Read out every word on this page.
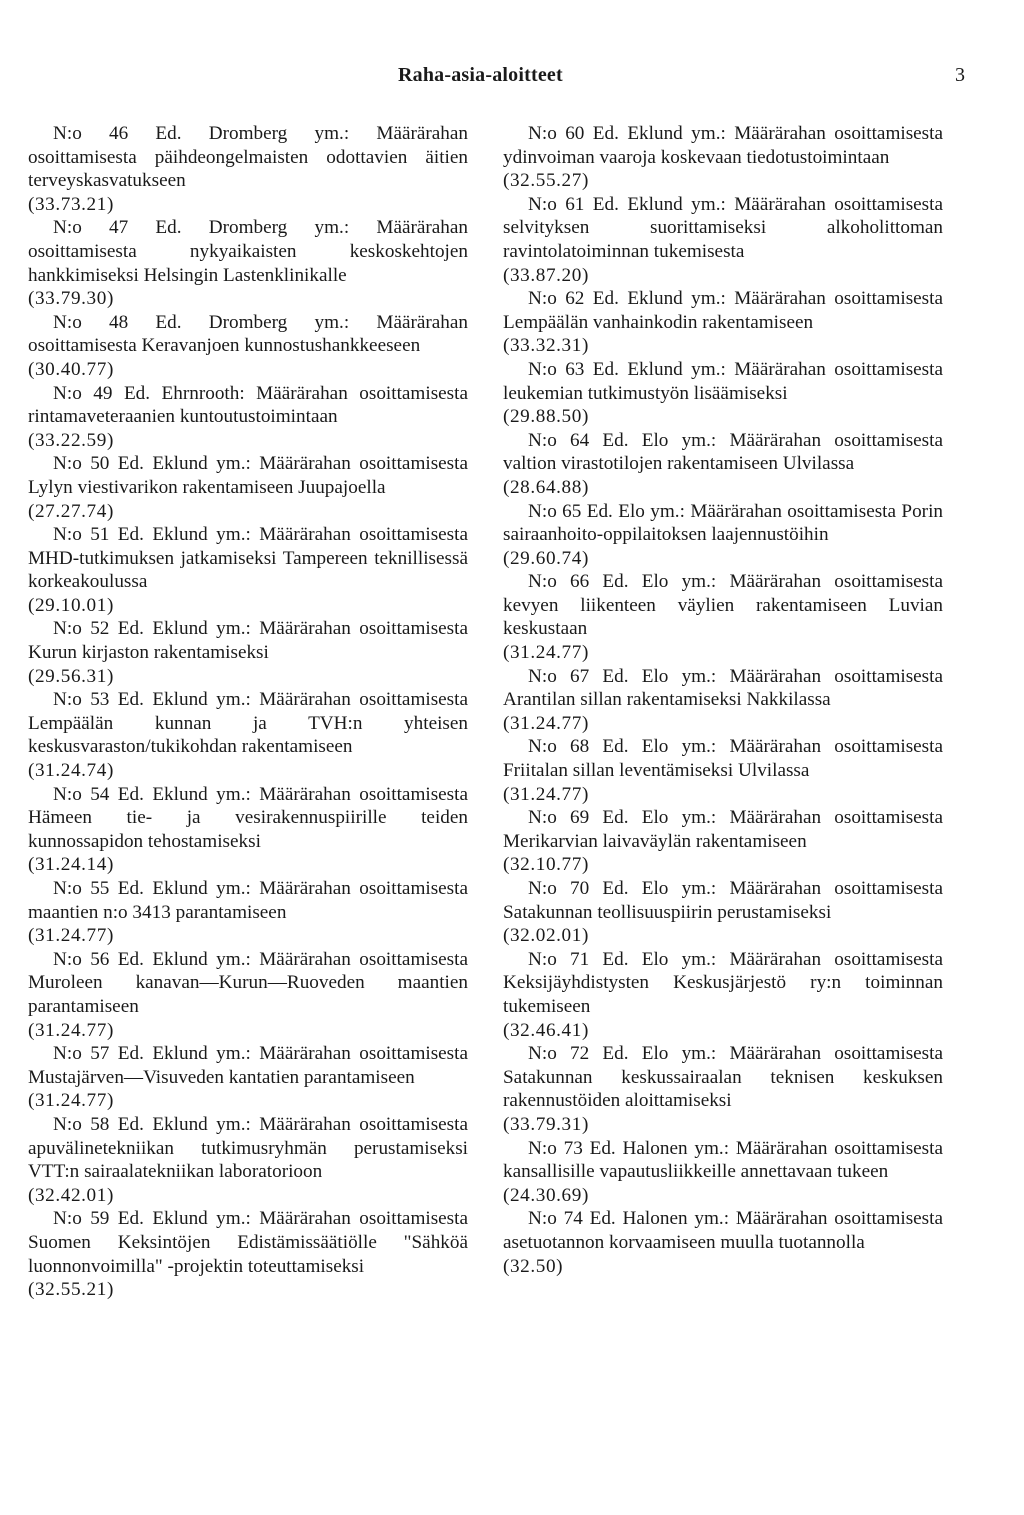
Raha-asia-aloitteet	3
N:o 46 Ed. Dromberg ym.: Määrärahan osoittamisesta päihdeongelmaisten odottavien äitien terveyskasvatukseen
(33.73.21)
N:o 47 Ed. Dromberg ym.: Määrärahan osoittamisesta nykyaikaisten keskoskehtojen hankkimiseksi Helsingin Lastenklinikalle
(33.79.30)
N:o 48 Ed. Dromberg ym.: Määrärahan osoittamisesta Keravanjoen kunnostushankkeeseen
(30.40.77)
N:o 49 Ed. Ehrnrooth: Määrärahan osoittamisesta rintamaveteraanien kuntoutustoimintaan
(33.22.59)
N:o 50 Ed. Eklund ym.: Määrärahan osoittamisesta Lylyn viestivarikon rakentamiseen Juupajoella
(27.27.74)
N:o 51 Ed. Eklund ym.: Määrärahan osoittamisesta MHD-tutkimuksen jatkamiseksi Tampereen teknillisessä korkeakoulussa
(29.10.01)
N:o 52 Ed. Eklund ym.: Määrärahan osoittamisesta Kurun kirjaston rakentamiseksi
(29.56.31)
N:o 53 Ed. Eklund ym.: Määrärahan osoittamisesta Lempäälän kunnan ja TVH:n yhteisen keskusvaraston/tukikohdan rakentamiseen
(31.24.74)
N:o 54 Ed. Eklund ym.: Määrärahan osoittamisesta Hämeen tie- ja vesirakennuspiirille teiden kunnossapidon tehostamiseksi
(31.24.14)
N:o 55 Ed. Eklund ym.: Määrärahan osoittamisesta maantien n:o 3413 parantamiseen
(31.24.77)
N:o 56 Ed. Eklund ym.: Määrärahan osoittamisesta Muroleen kanavan—Kurun—Ruoveden maantien parantamiseen
(31.24.77)
N:o 57 Ed. Eklund ym.: Määrärahan osoittamisesta Mustajärven—Visuveden kantatien parantamiseen
(31.24.77)
N:o 58 Ed. Eklund ym.: Määrärahan osoittamisesta apuvälinetekniikan tutkimusryhmän perustamiseksi VTT:n sairaalatekniikan laboratorioon
(32.42.01)
N:o 59 Ed. Eklund ym.: Määrärahan osoittamisesta Suomen Keksintöjen Edistämissäätiölle "Sähköä luonnonvoimilla" -projektin toteuttamiseksi
(32.55.21)
N:o 60 Ed. Eklund ym.: Määrärahan osoittamisesta ydinvoiman vaaroja koskevaan tiedotustoimintaan
(32.55.27)
N:o 61 Ed. Eklund ym.: Määrärahan osoittamisesta selvityksen suorittamiseksi alkoholittoman ravintolatoiminnan tukemisesta
(33.87.20)
N:o 62 Ed. Eklund ym.: Määrärahan osoittamisesta Lempäälän vanhainkodin rakentamiseen
(33.32.31)
N:o 63 Ed. Eklund ym.: Määrärahan osoittamisesta leukemian tutkimustyön lisäämiseksi
(29.88.50)
N:o 64 Ed. Elo ym.: Määrärahan osoittamisesta valtion virastotilojen rakentamiseen Ulvilassa
(28.64.88)
N:o 65 Ed. Elo ym.: Määrärahan osoittamisesta Porin sairaanhoito-oppilaitoksen laajennustöihin
(29.60.74)
N:o 66 Ed. Elo ym.: Määrärahan osoittamisesta kevyen liikenteen väylien rakentamiseen Luvian keskustaan
(31.24.77)
N:o 67 Ed. Elo ym.: Määrärahan osoittamisesta Arantilan sillan rakentamiseksi Nakkilassa
(31.24.77)
N:o 68 Ed. Elo ym.: Määrärahan osoittamisesta Friitalan sillan leventämiseksi Ulvilassa
(31.24.77)
N:o 69 Ed. Elo ym.: Määrärahan osoittamisesta Merikarvian laivaväylän rakentamiseen
(32.10.77)
N:o 70 Ed. Elo ym.: Määrärahan osoittamisesta Satakunnan teollisuuspiirin perustamiseksi
(32.02.01)
N:o 71 Ed. Elo ym.: Määrärahan osoittamisesta Keksijäyhdistysten Keskusjärjestö ry:n toiminnan tukemiseen
(32.46.41)
N:o 72 Ed. Elo ym.: Määrärahan osoittamisesta Satakunnan keskussairaalan teknisen keskuksen rakennustöiden aloittamiseksi
(33.79.31)
N:o 73 Ed. Halonen ym.: Määrärahan osoittamisesta kansallisille vapautusliikkeille annettavaan tukeen
(24.30.69)
N:o 74 Ed. Halonen ym.: Määrärahan osoittamisesta asetuotannon korvaamiseen muulla tuotannolla
(32.50)
